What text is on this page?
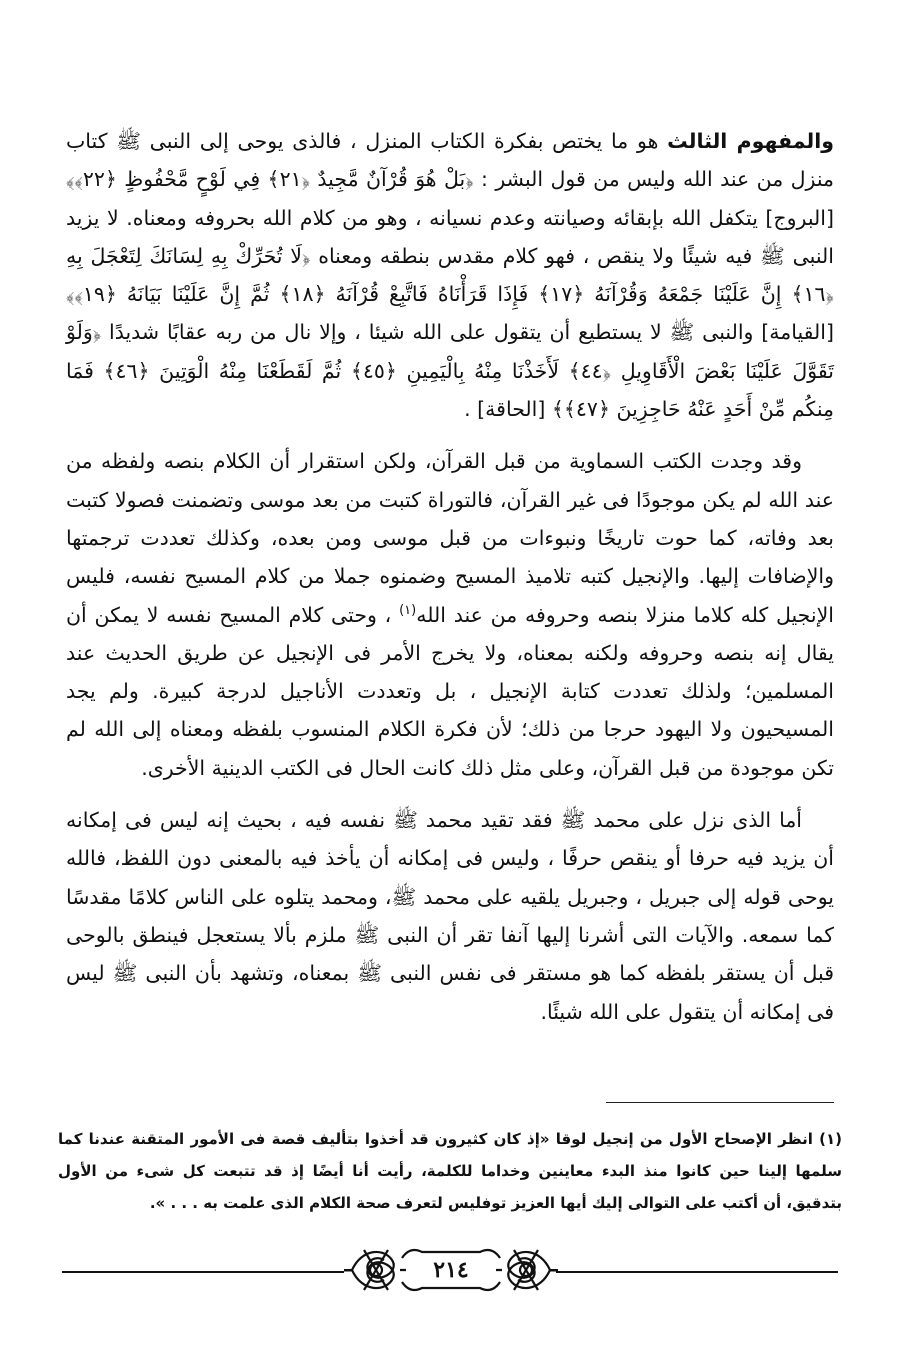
والمفهوم الثالث هو ما يختص بفكرة الكتاب المنزل ، فالذى يوحى إلى النبى ﷺ كتاب منزل من عند الله وليس من قول البشر : ﴿بَلْ هُوَ قُرْآنٌ مَّجِيدٌ ﴿٢١﴾ فِي لَوْحٍ مَّحْفُوظٍ ﴿٢٢﴾﴾ [البروج] يتكفل الله بإبقائه وصيانته وعدم نسيانه ، وهو من كلام الله بحروفه ومعناه. لا يزيد النبى ﷺ فيه شيئًا ولا ينقص ، فهو كلام مقدس بنطقه ومعناه ﴿لَا تُحَرِّكْ بِهِ لِسَانَكَ لِتَعْجَلَ بِهِ ﴿١٦﴾ إِنَّ عَلَيْنَا جَمْعَهُ وَقُرْآنَهُ ﴿١٧﴾ فَإِذَا قَرَأْنَاهُ فَاتَّبِعْ قُرْآنَهُ ﴿١٨﴾ ثُمَّ إِنَّ عَلَيْنَا بَيَانَهُ ﴿١٩﴾﴾ [القيامة] والنبى ﷺ لا يستطيع أن يتقول على الله شيئا ، وإلا نال من ربه عقابًا شديدًا ﴿وَلَوْ تَقَوَّلَ عَلَيْنَا بَعْضَ الْأَقَاوِيلِ ﴿٤٤﴾ لَأَخَذْنَا مِنْهُ بِالْيَمِينِ ﴿٤٥﴾ ثُمَّ لَقَطَعْنَا مِنْهُ الْوَتِينَ ﴿٤٦﴾ فَمَا مِنكُم مِّنْ أَحَدٍ عَنْهُ حَاجِزِينَ ﴿٤٧﴾﴾ [الحاقة] .

وقد وجدت الكتب السماوية من قبل القرآن، ولكن استقرار أن الكلام بنصه ولفظه من عند الله لم يكن موجودًا فى غير القرآن، فالتوراة كتبت من بعد موسى وتضمنت فصولا كتبت بعد وفاته، كما حوت تاريخًا ونبوءات من قبل موسى ومن بعده، وكذلك تعددت ترجمتها والإضافات إليها. والإنجيل كتبه تلاميذ المسيح وضمنوه جملا من كلام المسيح نفسه، فليس الإنجيل كله كلاما منزلا بنصه وحروفه من عند الله$^{(١)}$ ، وحتى كلام المسيح نفسه لا يمكن أن يقال إنه بنصه وحروفه ولكنه بمعناه، ولا يخرج الأمر فى الإنجيل عن طريق الحديث عند المسلمين؛ ولذلك تعددت كتابة الإنجيل ، بل وتعددت الأناجيل لدرجة كبيرة. ولم يجد المسيحيون ولا اليهود حرجا من ذلك؛ لأن فكرة الكلام المنسوب بلفظه ومعناه إلى الله لم تكن موجودة من قبل القرآن، وعلى مثل ذلك كانت الحال فى الكتب الدينية الأخرى.

أما الذى نزل على محمد ﷺ فقد تقيد محمد ﷺ نفسه فيه ، بحيث إنه ليس فى إمكانه أن يزيد فيه حرفا أو ينقص حرفًا ، وليس فى إمكانه أن يأخذ فيه بالمعنى دون اللفظ، فالله يوحى قوله إلى جبريل ، وجبريل يلقيه على محمد ﷺ، ومحمد يتلوه على الناس كلامًا مقدسًا كما سمعه. والآيات التى أشرنا إليها آنفا تقر أن النبى ﷺ ملزم بألا يستعجل فينطق بالوحى قبل أن يستقر بلفظه كما هو مستقر فى نفس النبى ﷺ بمعناه، وتشهد بأن النبى ﷺ ليس فى إمكانه أن يتقول على الله شيئًا.

(١) انظر الإصحاح الأول من إنجيل لوقا «إذ كان كثيرون قد أخذوا بتأليف قصة فى الأمور المتقنة عندنا كما سلمها إلينا حين كانوا منذ البدء معاينين وخداما للكلمة، رأيت أنا أيضًا إذ قد تتبعت كل شىء من الأول بتدقيق، أن أكتب على التوالى إليك أيها العزيز توفليس لتعرف صحة الكلام الذى علمت به . . . ».

٢١٤
